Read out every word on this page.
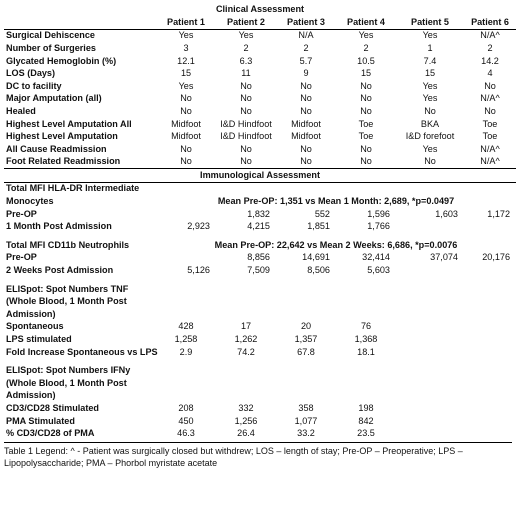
Clinical Assessment						
	Patient 1	Patient 2	Patient 3	Patient 4	Patient 5	Patient 6
Surgical Dehiscence	Yes	Yes	N/A	Yes	Yes	N/A^
Number of Surgeries	3	2	2	2	1	2
Glycated Hemoglobin (%)	12.1	6.3	5.7	10.5	7.4	14.2
LOS (Days)	15	11	9	15	15	4
DC to facility	Yes	No	No	No	Yes	No
Major Amputation (all)	No	No	No	No	Yes	N/A^
Healed	No	No	No	No	No	No
Highest Level Amputation All	Midfoot	I&D Hindfoot	Midfoot	Toe	BKA	Toe
Highest Level Amputation	Midfoot	I&D Hindfoot	Midfoot	Toe	I&D forefoot	Toe
All Cause Readmission	No	No	No	No	Yes	N/A^
Foot Related Readmission	No	No	No	No	No	N/A^
Immunological Assessment						
Total MFI HLA-DR Intermediate						
Monocytes	Mean Pre-OP: 1,351 vs Mean 1 Month: 2,689, *p=0.0497					
Pre-OP		1,832	552	1,596	1,603	1,172
1 Month Post Admission	2,923	4,215	1,851	1,766		

Total MFI CD11b Neutrophils	Mean Pre-OP: 22,642 vs Mean 2 Weeks: 6,686, *p=0.0076					
Pre-OP		8,856	14,691	32,414	37,074	20,176
2 Weeks Post Admission	5,126	7,509	8,506	5,603		

ELISpot: Spot Numbers TNF						
(Whole Blood, 1 Month Post						
Admission)						
Spontaneous	428	17	20	76		
LPS stimulated	1,258	1,262	1,357	1,368		
Fold Increase Spontaneous vs LPS	2.9	74.2	67.8	18.1		

ELISpot: Spot Numbers IFNy						
(Whole Blood, 1 Month Post						
Admission)						
CD3/CD28 Stimulated	208	332	358	198		
PMA Stimulated	450	1,256	1,077	842		
% CD3/CD28 of PMA	46.3	26.4	33.2	23.5		
Table 1 Legend: ^ - Patient was surgically closed but withdrew; LOS – length of stay; Pre-OP – Preoperative; LPS – Lipopolysaccharide; PMA – Phorbol myristate acetate
